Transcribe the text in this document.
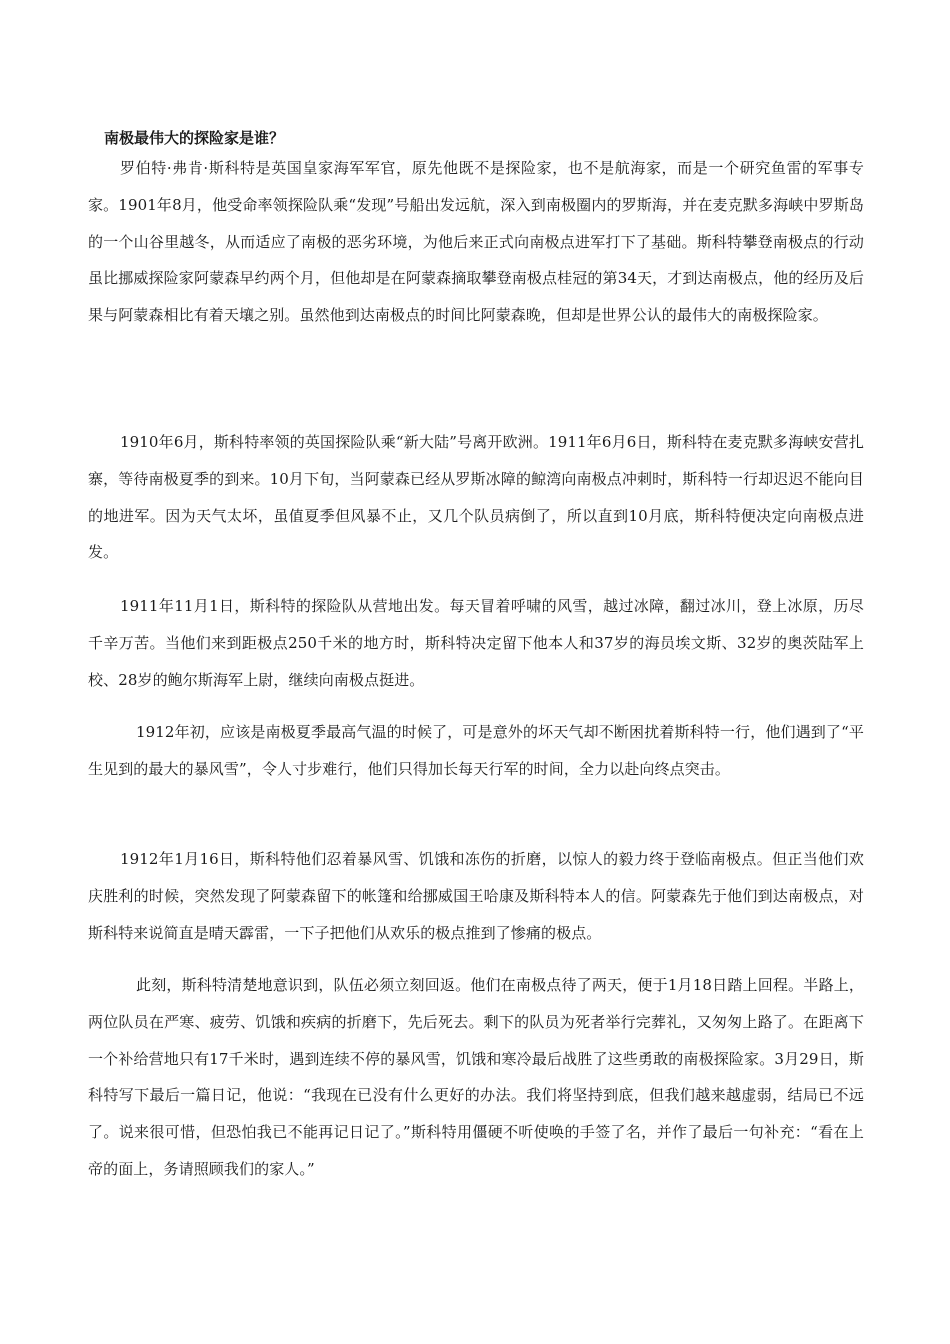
南极最伟大的探险家是谁？

罗伯特·弗肯·斯科特是英国皇家海军军官，原先他既不是探险家，也不是航海家，而是一个研究鱼雷的军事专家。1901年8月，他受命率领探险队乘“发现”号船出发远航，深入到南极圈内的罗斯海，并在麦克默多海峡中罗斯岛的一个山谷里越冬，从而适应了南极的恶劣环境，为他后来正式向南极点进军打下了基础。斯科特攀登南极点的行动虽比挪威探险家阿蒙森早约两个月，但他却是在阿蒙森摘取攀登南极点桂冠的第34天，才到达南极点，他的经历及后果与阿蒙森相比有着天壤之别。虽然他到达南极点的时间比阿蒙森晚，但却是世界公认的最伟大的南极探险家。

1910年6月，斯科特率领的英国探险队乘“新大陆”号离开欧洲。1911年6月6日，斯科特在麦克默多海峡安营扎寨，等待南极夏季的到来。10月下旬，当阿蒙森已经从罗斯冰障的鲸湾向南极点冲刺时，斯科特一行却迟迟不能向目的地进军。因为天气太坏，虽值夏季但风暴不止，又几个队员病倒了，所以直到10月底，斯科特便决定向南极点进发。

1911年11月1日，斯科特的探险队从营地出发。每天冒着呼啸的风雪，越过冰障，翻过冰川，登上冰原，历尽千辛万苦。当他们来到距极点250千米的地方时，斯科特决定留下他本人和37岁的海员埃文斯、32岁的奥茨陆军上校、28岁的鲍尔斯海军上尉，继续向南极点挺进。

1912年初，应该是南极夏季最高气温的时候了，可是意外的坏天气却不断困扰着斯科特一行，他们遇到了“平生见到的最大的暴风雪”，令人寸步难行，他们只得加长每天行军的时间，全力以赴向终点突击。

1912年1月16日，斯科特他们忍着暴风雪、饥饿和冻伤的折磨，以惊人的毅力终于登临南极点。但正当他们欢庆胜利的时候，突然发现了阿蒙森留下的帐篷和给挪威国王哈康及斯科特本人的信。阿蒙森先于他们到达南极点，对斯科特来说简直是晴天霹雷，一下子把他们从欢乐的极点推到了惨痛的极点。

此刻，斯科特清楚地意识到，队伍必须立刻回返。他们在南极点待了两天，便于1月18日踏上回程。半路上，两位队员在严寒、疲劳、饥饿和疾病的折磨下，先后死去。剩下的队员为死者举行完葬礼，又匆匆上路了。在距离下一个补给营地只有17千米时，遇到连续不停的暴风雪，饥饿和寒冷最后战胜了这些勇敢的南极探险家。3月29日，斯科特写下最后一篇日记，他说：“我现在已没有什么更好的办法。我们将坚持到底，但我们越来越虚弱，结局已不远了。说来很可惜，但恐怕我已不能再记日记了。”斯科特用僵硬不听使唤的手签了名，并作了最后一句补充：“看在上帝的面上，务请照顾我们的家人。”
